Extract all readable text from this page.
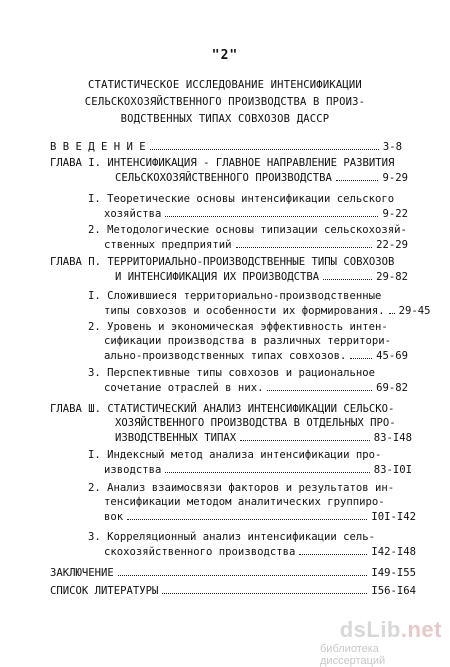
"2"
СТАТИСТИЧЕСКОЕ ИССЛЕДОВАНИЕ ИНТЕНСИФИКАЦИИ
СЕЛЬСКОХОЗЯЙСТВЕННОГО ПРОИЗВОДСТВА В ПРОИЗ-
ВОДСТВЕННЫХ ТИПАХ СОВХОЗОВ ДАССР
В В Е Д Е Н И Е	3-8
ГЛАВА I. ИНТЕНСИФИКАЦИЯ - ГЛАВНОЕ НАПРАВЛЕНИЕ РАЗВИТИЯ
СЕЛЬСКОХОЗЯЙСТВЕННОГО ПРОИЗВОДСТВА	9-29
I. Теоретические основы интенсификации сельского
хозяйства	9-22
2. Методологические основы типизации сельскохозяй-
ственных предприятий	22-29
ГЛАВА П. ТЕРРИТОРИАЛЬНО-ПРОИЗВОДСТВЕННЫЕ ТИПЫ СОВХОЗОВ
И ИНТЕНСИФИКАЦИЯ ИХ ПРОИЗВОДСТВА	29-82
I. Сложившиеся территориально-производственные
типы совхозов и особенности их формирования. 29-45
2. Уровень и экономическая эффективность интен-
сификации производства в различных территори-
ально-производственных типах совхозов.	45-69
3. Перспективные типы совхозов и рациональное
сочетание отраслей в них.	69-82
ГЛАВА Ш. СТАТИСТИЧЕСКИЙ АНАЛИЗ ИНТЕНСИФИКАЦИИ СЕЛЬСКО-
ХОЗЯЙСТВЕННОГО ПРОИЗВОДСТВА В ОТДЕЛЬНЫХ ПРО-
ИЗВОДСТВЕННЫХ ТИПАХ	83-I48
I. Индексный метод анализа интенсификации про-
изводства	83-I0I
2. Анализ взаимосвязи факторов и результатов ин-
тенсификации методом аналитических группиро-
вок	I0I-I42
3. Корреляционный анализ интенсификации сель-
скохозяйственного производства	I42-I48
ЗАКЛЮЧЕНИЕ	I49-I55
СПИСОК ЛИТЕРАТУРЫ	I56-I64
dsLib.net
библиотека диссертаций
